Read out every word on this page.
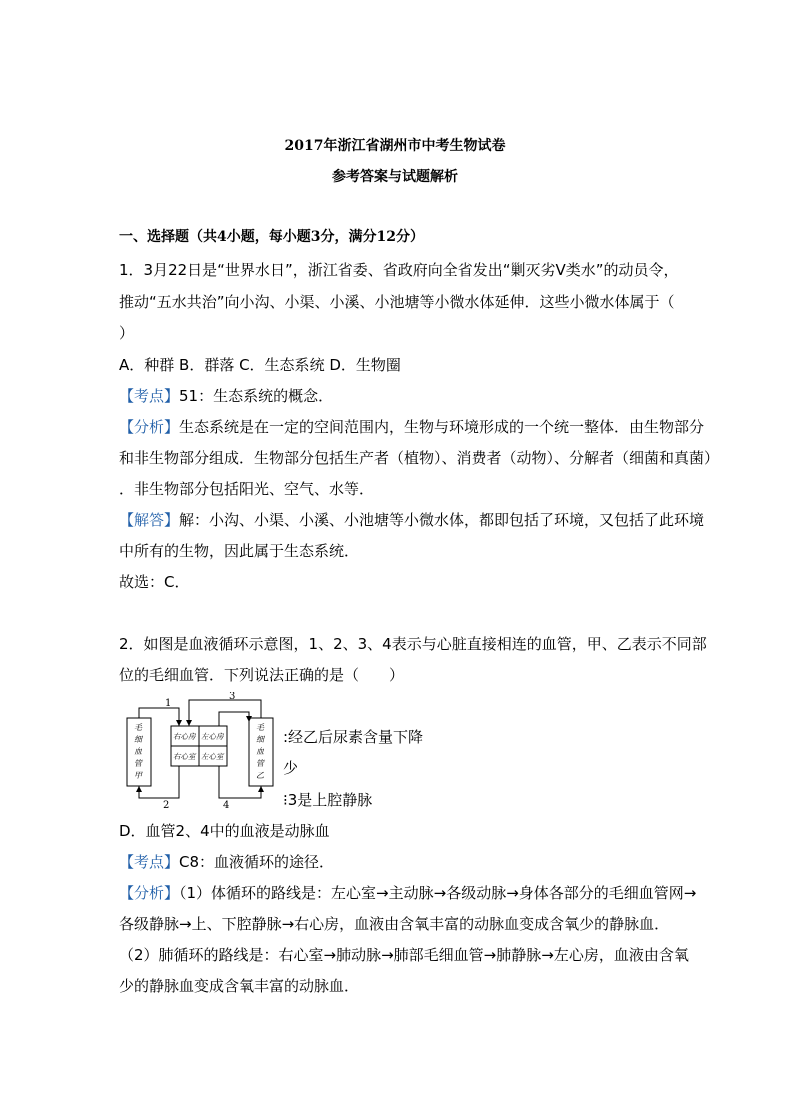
2017年浙江省湖州市中考生物试卷

参考答案与试题解析

一、选择题（共4小题，每小题3分，满分12分）

1．3月22日是“世界水日”，浙江省委、省政府向全省发出“剿灭劣Ⅴ类水”的动员令，

推动“五水共治”向小沟、小渠、小溪、小池塘等小微水体延伸．这些小微水体属于（

）

A．种群 B．群落 C．生态系统 D．生物圈

【考点】51：生态系统的概念．

【分析】生态系统是在一定的空间范围内，生物与环境形成的一个统一整体．由生物部分

和非生物部分组成．生物部分包括生产者（植物）、消费者（动物）、分解者（细菌和真菌）

．非生物部分包括阳光、空气、水等．

【解答】解：小沟、小渠、小溪、小池塘等小微水体，都即包括了环境，又包括了此环境

中所有的生物，因此属于生态系统．

故选：C．

2．如图是血液循环示意图，1、2、3、4表示与心脏直接相连的血管，甲、乙表示不同部

位的毛细血管．下列说法正确的是（　　）

1
3
2	4
毛
细
血
管
甲
毛
细
血
管
乙
右心房 左心房
右心室 左心室

:经乙后尿素含量下降

少

⁝3是上腔静脉

D．血管2、4中的血液是动脉血

【考点】C8：血液循环的途径．

【分析】（1）体循环的路线是：左心室→主动脉→各级动脉→身体各部分的毛细血管网→

各级静脉→上、下腔静脉→右心房，血液由含氧丰富的动脉血变成含氧少的静脉血．

（2）肺循环的路线是：右心室→肺动脉→肺部毛细血管→肺静脉→左心房，血液由含氧

少的静脉血变成含氧丰富的动脉血．
